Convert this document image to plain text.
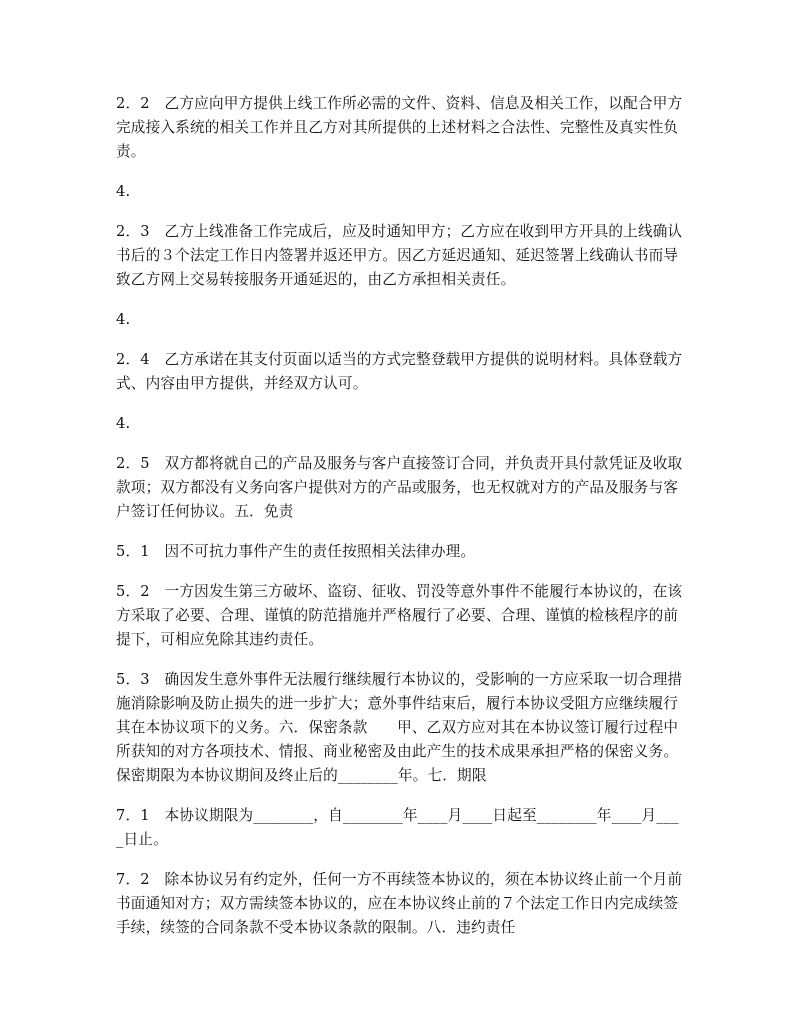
2．2　乙方应向甲方提供上线工作所必需的文件、资料、信息及相关工作，以配合甲方完成接入系统的相关工作并且乙方对其所提供的上述材料之合法性、完整性及真实性负责。

4.

2．3　乙方上线准备工作完成后，应及时通知甲方；乙方应在收到甲方开具的上线确认书后的３个法定工作日内签署并返还甲方。因乙方延迟通知、延迟签署上线确认书而导致乙方网上交易转接服务开通延迟的，由乙方承担相关责任。

4.

2．4　乙方承诺在其支付页面以适当的方式完整登载甲方提供的说明材料。具体登载方式、内容由甲方提供，并经双方认可。

4.

2．5　双方都将就自己的产品及服务与客户直接签订合同，并负责开具付款凭证及收取款项；双方都没有义务向客户提供对方的产品或服务，也无权就对方的产品及服务与客户签订任何协议。五．免责

5．1　因不可抗力事件产生的责任按照相关法律办理。

5．2　一方因发生第三方破坏、盗窃、征收、罚没等意外事件不能履行本协议的，在该方采取了必要、合理、谨慎的防范措施并严格履行了必要、合理、谨慎的检核程序的前提下，可相应免除其违约责任。

5．3　确因发生意外事件无法履行继续履行本协议的，受影响的一方应采取一切合理措施消除影响及防止损失的进一步扩大；意外事件结束后，履行本协议受阻方应继续履行其在本协议项下的义务。六．保密条款　　甲、乙双方应对其在本协议签订履行过程中所获知的对方各项技术、情报、商业秘密及由此产生的技术成果承担严格的保密义务。保密期限为本协议期间及终止后的________年。七．期限

7．1　本协议期限为________，自________年____月____日起至________年____月____日止。

7．2　除本协议另有约定外，任何一方不再续签本协议的，须在本协议终止前一个月前书面通知对方；双方需续签本协议的，应在本协议终止前的７个法定工作日内完成续签手续，续签的合同条款不受本协议条款的限制。八．违约责任
